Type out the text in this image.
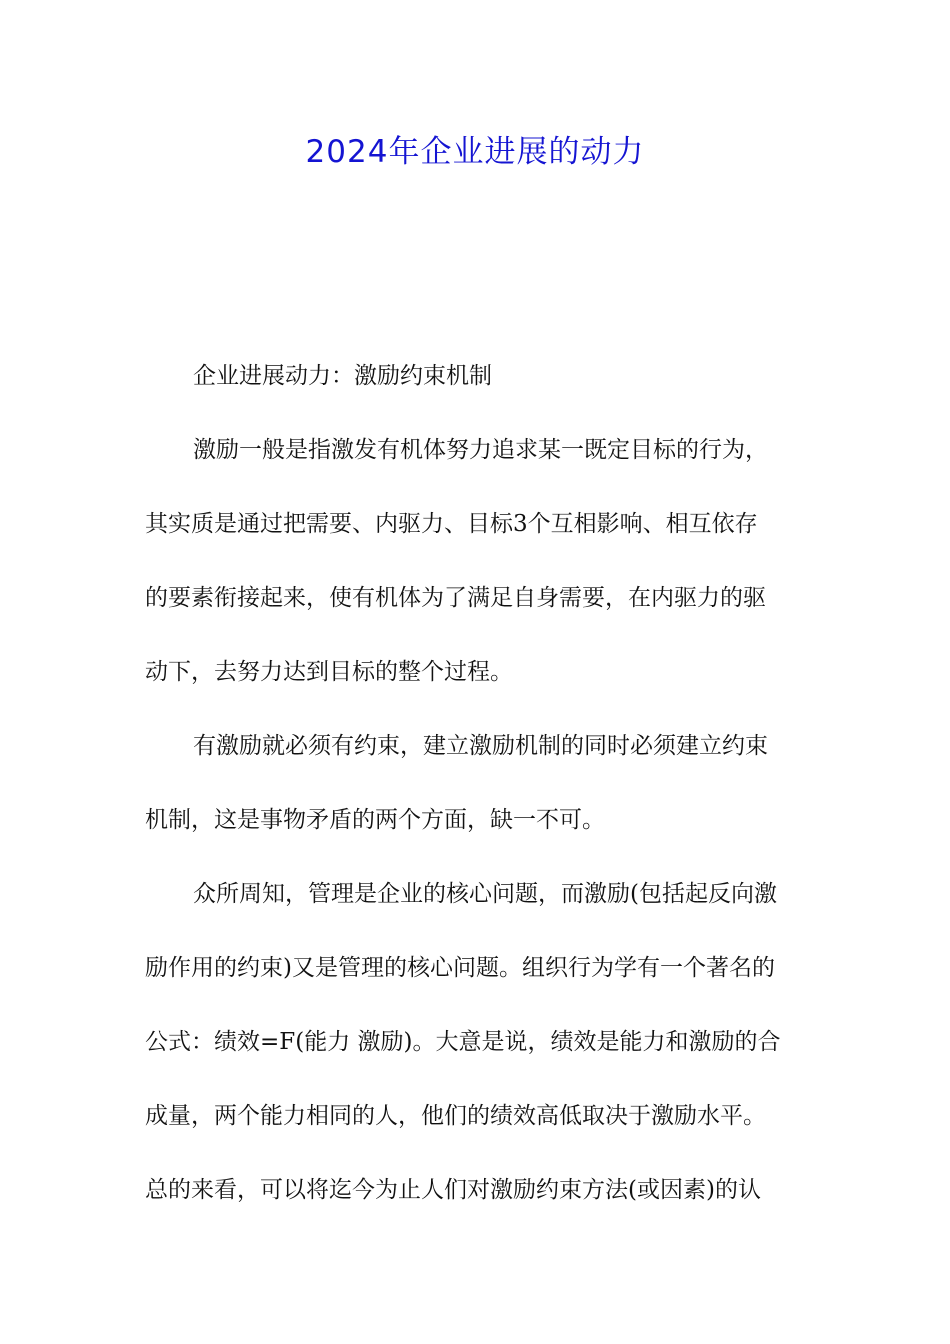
2024年企业进展的动力
企业进展动力：激励约束机制
激励一般是指激发有机体努力追求某一既定目标的行为，
其实质是通过把需要、内驱力、目标3个互相影响、相互依存
的要素衔接起来，使有机体为了满足自身需要，在内驱力的驱
动下，去努力达到目标的整个过程。
有激励就必须有约束，建立激励机制的同时必须建立约束
机制，这是事物矛盾的两个方面，缺一不可。
众所周知，管理是企业的核心问题，而激励(包括起反向激
励作用的约束)又是管理的核心问题。组织行为学有一个著名的
公式：绩效=F(能力 激励)。大意是说，绩效是能力和激励的合
成量，两个能力相同的人，他们的绩效高低取决于激励水平。
总的来看，可以将迄今为止人们对激励约束方法(或因素)的认
